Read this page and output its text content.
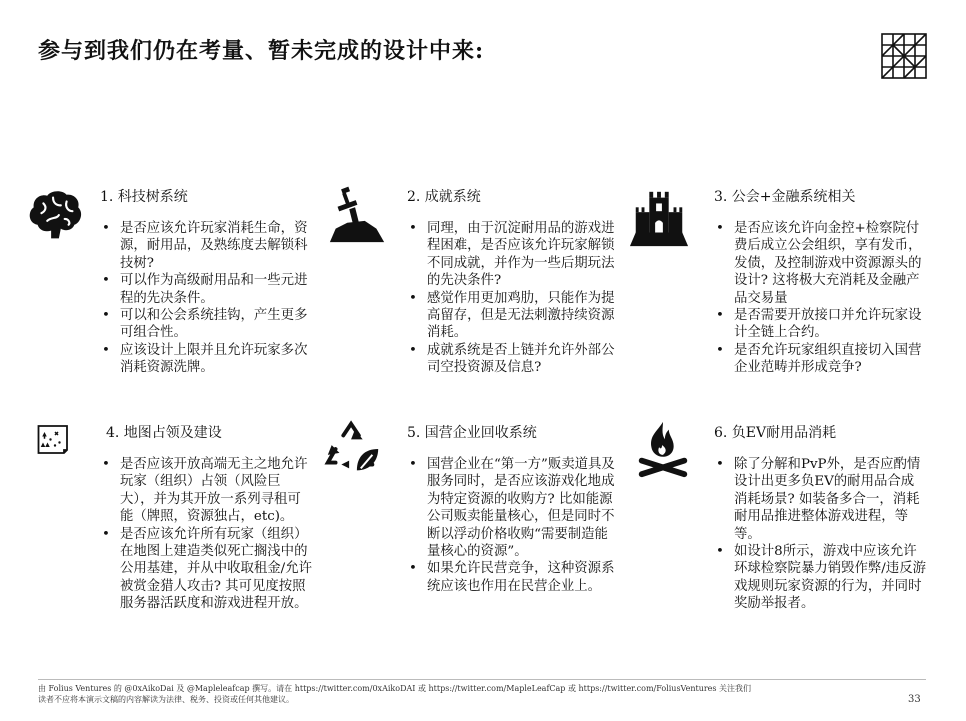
参与到我们仍在考量、暂未完成的设计中来:
1. 科技树系统
• 是否应该允许玩家消耗生命，资源，耐用品，及熟练度去解锁科技树?
• 可以作为高级耐用品和一些元进程的先决条件。
• 可以和公会系统挂钩，产生更多可组合性。
• 应该设计上限并且允许玩家多次消耗资源洗牌。
2. 成就系统
• 同理，由于沉淀耐用品的游戏进程困难，是否应该允许玩家解锁不同成就，并作为一些后期玩法的先决条件?
• 感觉作用更加鸡肋，只能作为提高留存，但是无法刺激持续资源消耗。
• 成就系统是否上链并允许外部公司空投资源及信息?
3. 公会+金融系统相关
• 是否应该允许向金控+检察院付费后成立公会组织，享有发币，发债，及控制游戏中资源源头的设计? 这将极大充消耗及金融产品交易量
• 是否需要开放接口并允许玩家设计全链上合约。
• 是否允许玩家组织直接切入国营企业范畴并形成竞争?
4. 地图占领及建设
• 是否应该开放高端无主之地允许玩家（组织）占领（风险巨大），并为其开放一系列寻租可能（牌照，资源独占，etc)。
• 是否应该允许所有玩家（组织）在地图上建造类似死亡搁浅中的公用基建，并从中收取租金/允许被赏金猎人攻击? 其可见度按照服务器活跃度和游戏进程开放。
5. 国营企业回收系统
• 国营企业在“第一方”贩卖道具及服务同时，是否应该游戏化地成为特定资源的收购方? 比如能源公司贩卖能量核心，但是同时不断以浮动价格收购“需要制造能量核心的资源”。
• 如果允许民营竞争，这种资源系统应该也作用在民营企业上。
6. 负EV耐用品消耗
• 除了分解和PvP外，是否应酌情设计出更多负EV的耐用品合成消耗场景? 如装备多合一，消耗耐用品推进整体游戏进程，等等。
• 如设计8所示，游戏中应该允许环球检察院暴力销毁作弊/违反游戏规则玩家资源的行为，并同时奖励举报者。
由 Folius Ventures 的 @0xAikoDai 及 @Mapleleafcap 撰写。请在 https://twitter.com/0xAikoDAI 或 https://twitter.com/MapleLeafCap 或 https://twitter.com/FoliusVentures 关注我们
读者不应将本演示文稿的内容解读为法律、税务、投资或任何其他建议。	33
